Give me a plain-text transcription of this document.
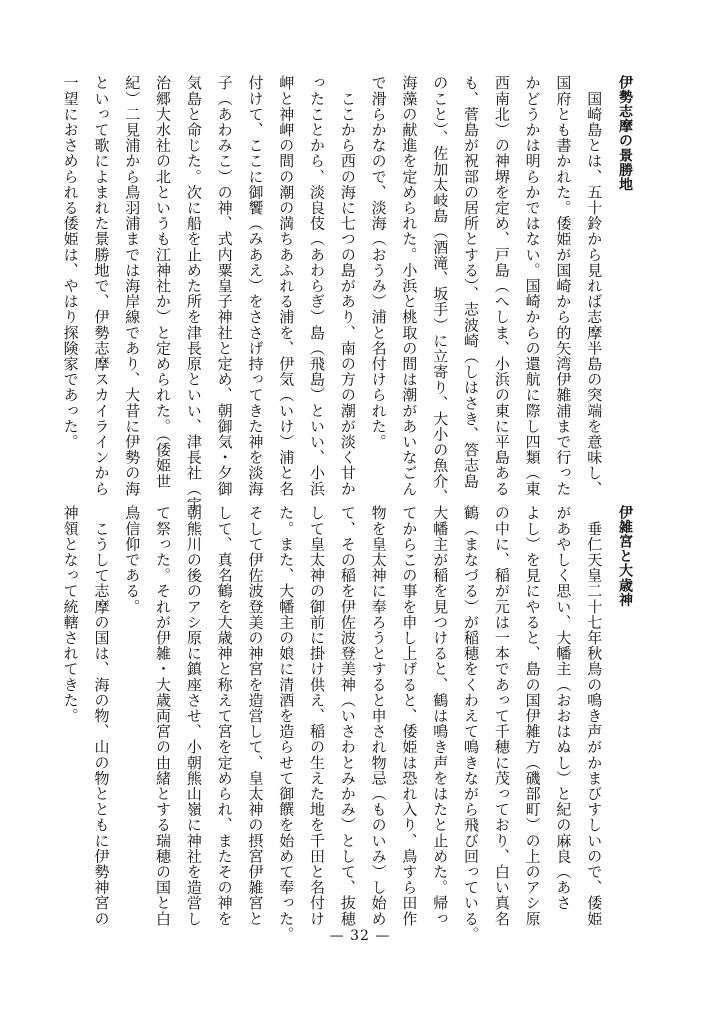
伊勢志摩の景勝地
　国崎島とは、五十鈴から見れば志摩半島の突端を意味し、
国府とも書かれた。倭姫が国崎から的矢湾伊雑浦まで行った
かどうかは明らかではない。国崎からの還航に際し四類（東
西南北）の神堺を定め、戸島（へしま、小浜の東に平島ある
も、菅島が祝部の居所とする）、志波崎（しはさき、答志島
のこと）、佐加太岐島（酒滝、坂手）に立寄り、大小の魚介、
海藻の献進を定められた。小浜と桃取の間は潮があいなごん
で滑らかなので、淡海（おうみ）浦と名付けられた。
　ここから西の海に七つの島があり、南の方の潮が淡く甘か
ったことから、淡良伎（あわらぎ）島（飛島）といい、小浜
岬と神岬の間の潮の満ちあふれる浦を、伊気（いけ）浦と名
付けて、ここに御饗（みあえ）をささげ持ってきた神を淡海
子（あわみこ）の神、式内粟皇子神社と定め、朝御気・夕御
気島と命じた。次に船を止めた所を津長原といい、津長社（宇
治郷大水社の北というも江神社か）と定められた。（倭姫世
紀）二見浦から鳥羽浦までは海岸線であり、大昔に伊勢の海
といって歌によまれた景勝地で、伊勢志摩スカイラインから
一望におさめられる倭姫は、やはり探険家であった。
伊雑宮と大歳神
　垂仁天皇二十七年秋鳥の鳴き声がかまびすしいので、倭姫
があやしく思い、大幡主（おおはぬし）と紀の麻良（あさ
よし）を見にやると、島の国伊雑方（磯部町）の上のアシ原
の中に、稲が元は一本であって千穂に茂っており、白い真名
鶴（まなづる）が稲穂をくわえて鳴きながら飛び回っている。
大幡主が稲を見つけると、鶴は鳴き声をはたと止めた。帰っ
てからこの事を申し上げると、倭姫は恐れ入り、鳥すら田作
物を皇太神に奉ろうとすると申され物忌（ものいみ）し始め
て、その稲を伊佐波登美神（いさわとみかみ）として、抜穂
して皇太神の御前に掛け供え、稲の生えた地を千田と名付け
た。また、大幡主の娘に清酒を造らせて御饌を始めて奉った。
そして伊佐波登美の神宮を造営して、皇太神の摂宮伊雑宮と
して、真名鶴を大歳神と称えて宮を定められ、またその神を
朝熊川の後のアシ原に鎮座させ、小朝熊山嶺に神社を造営し
て祭った。それが伊雑・大歳両宮の由緒とする瑞穂の国と白
鳥信仰である。
　こうして志摩の国は、海の物、山の物とともに伊勢神宮の
神領となって統轄されてきた。
— 32 —
